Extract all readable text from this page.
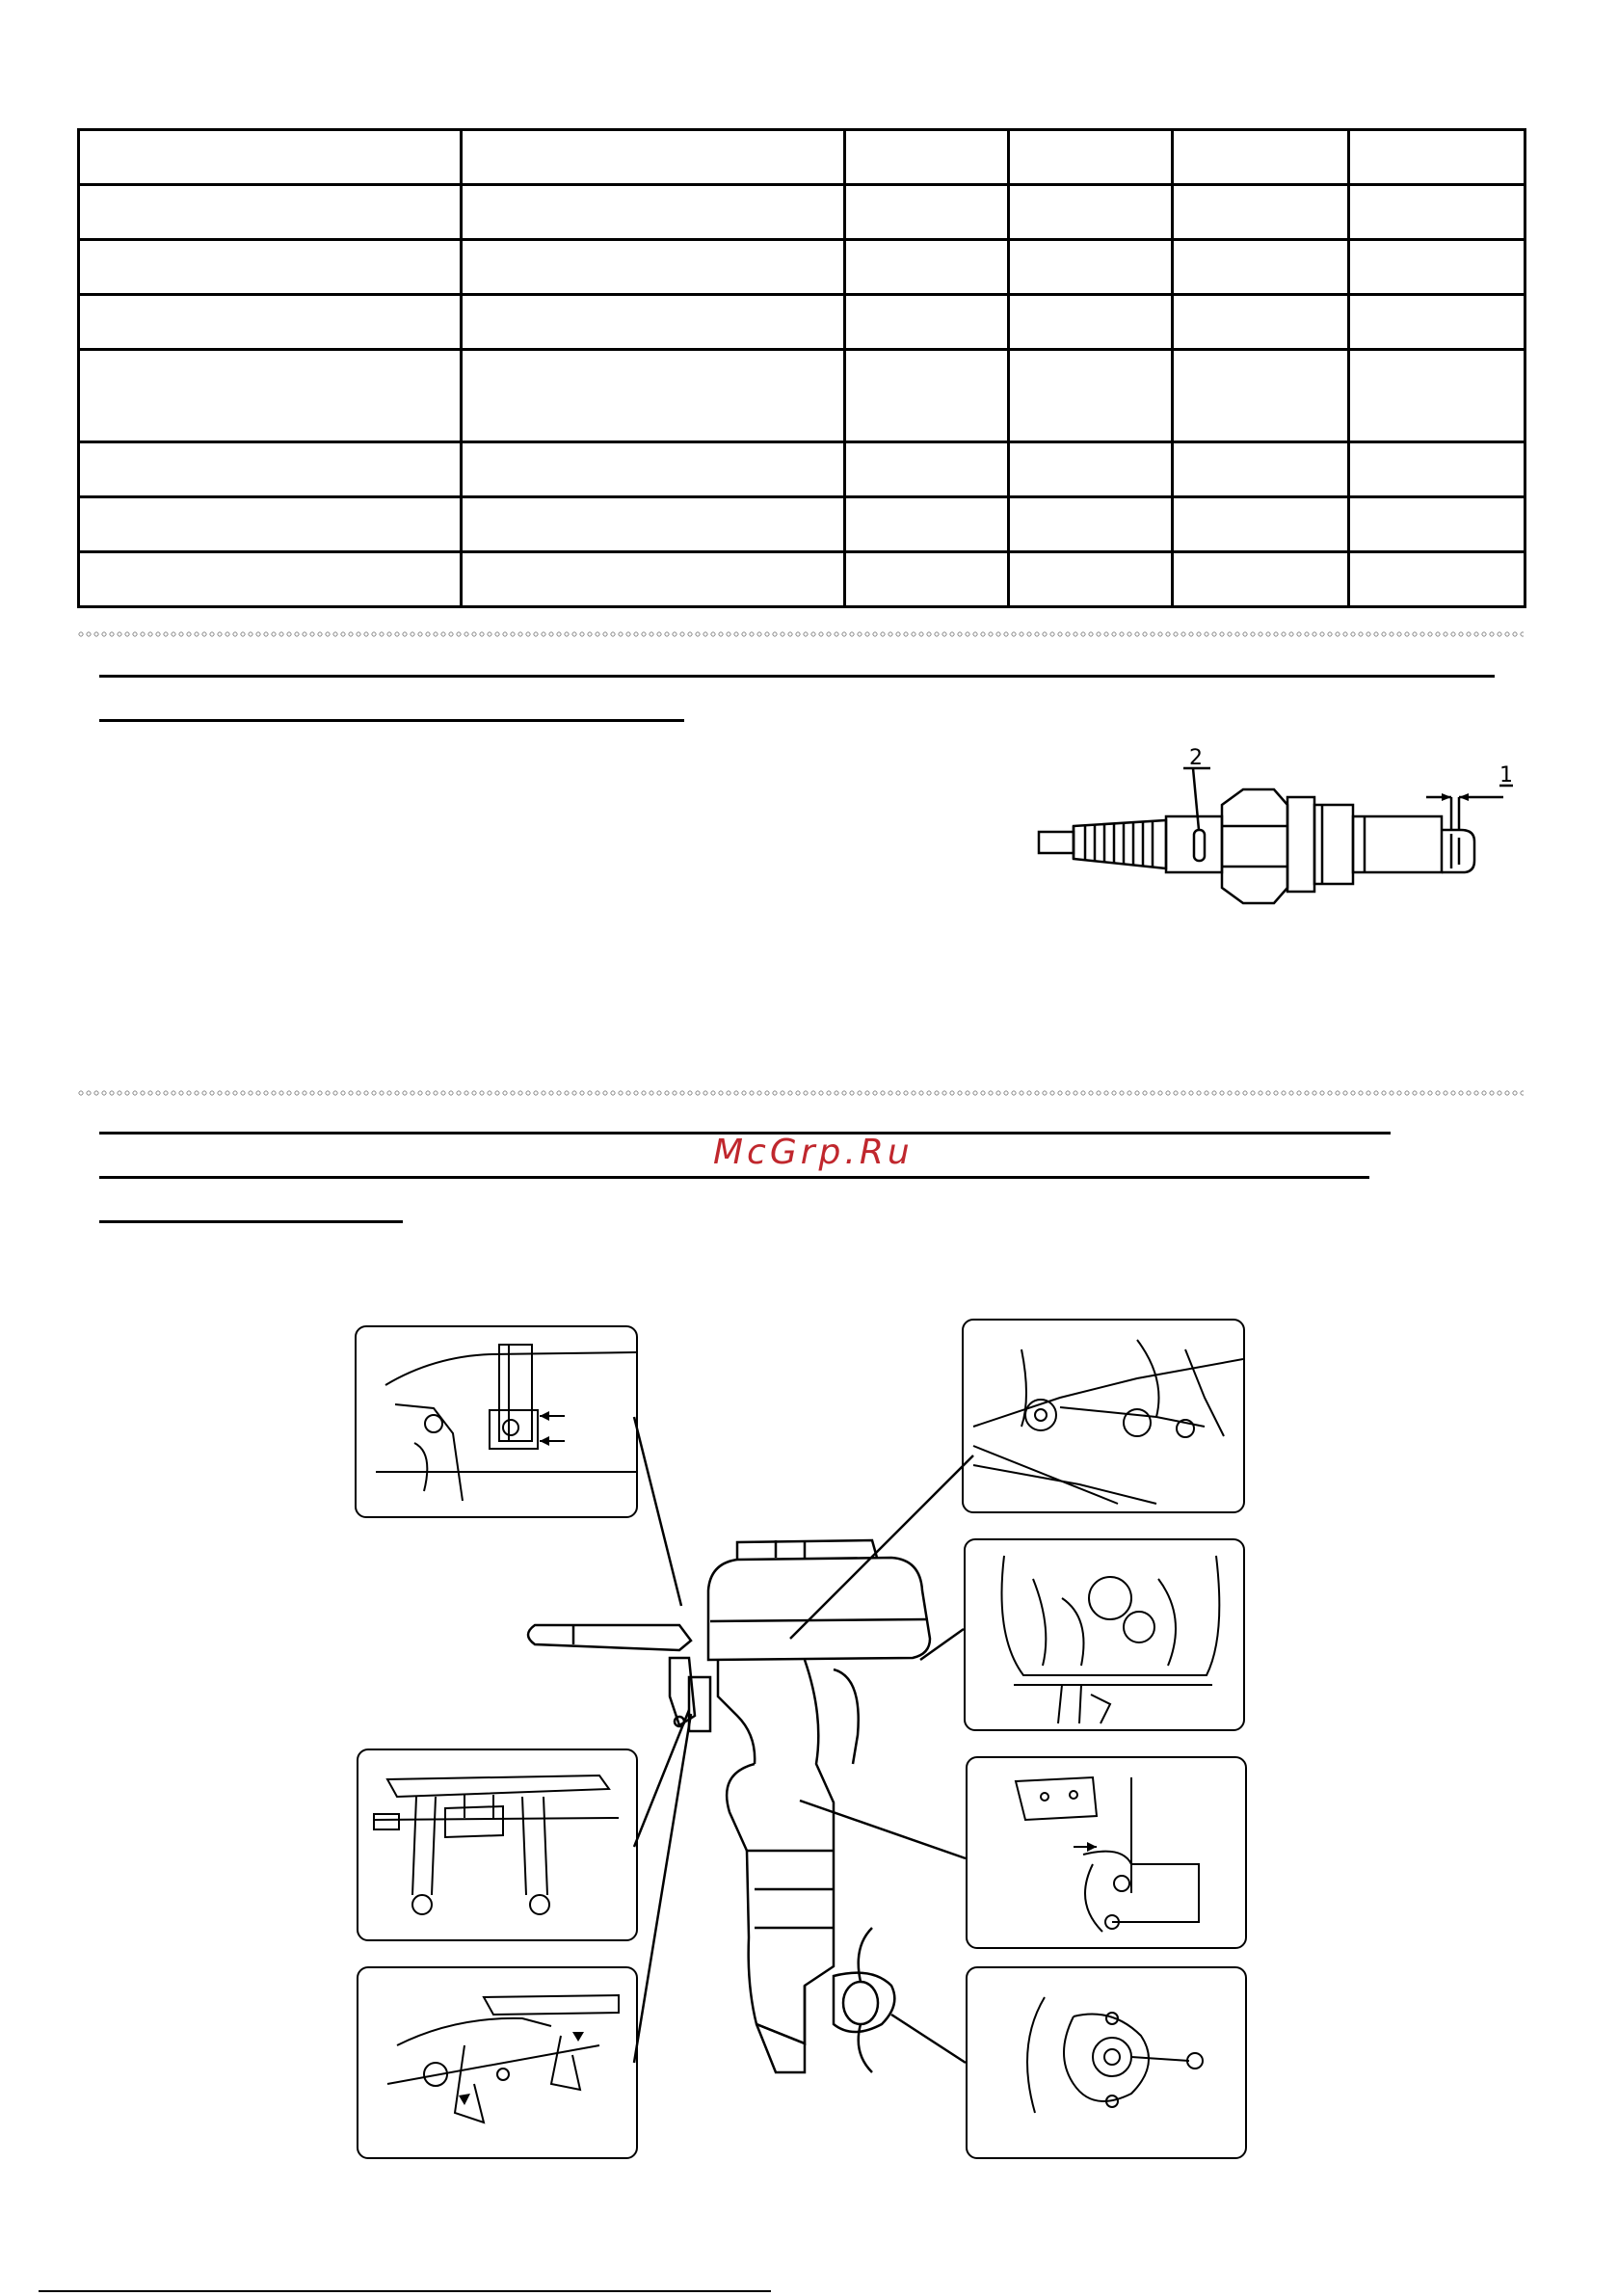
2
1
McGrp.Ru
